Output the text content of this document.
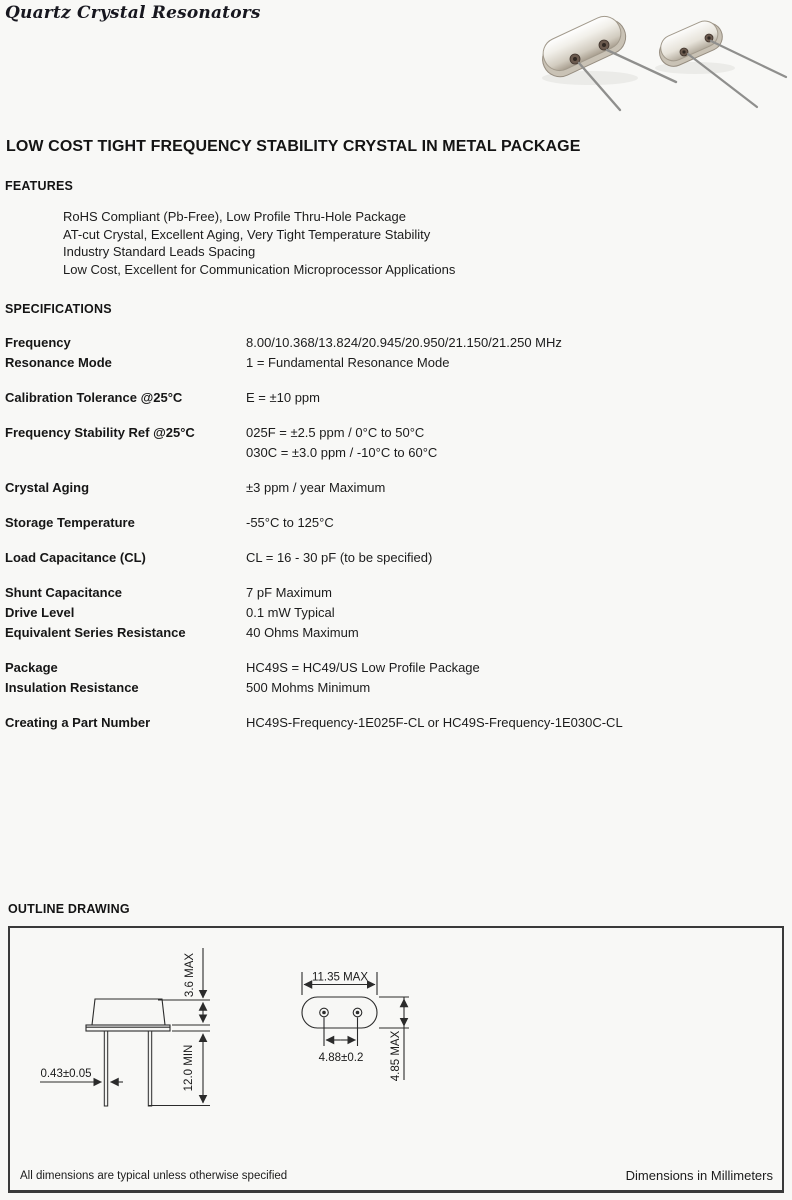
Quartz Crystal Resonators
LOW COST TIGHT FREQUENCY STABILITY CRYSTAL IN METAL PACKAGE
FEATURES
RoHS Compliant (Pb-Free), Low Profile Thru-Hole Package
AT-cut Crystal, Excellent Aging, Very Tight Temperature Stability
Industry Standard Leads Spacing
Low Cost, Excellent for Communication Microprocessor Applications
SPECIFICATIONS
Frequency	8.00/10.368/13.824/20.945/20.950/21.150/21.250 MHz
Resonance Mode	1 = Fundamental Resonance Mode
Calibration Tolerance @25°C	E = ±10 ppm
Frequency Stability Ref @25°C	025F = ±2.5 ppm / 0°C to 50°C
030C = ±3.0 ppm / -10°C to 60°C
Crystal Aging	±3 ppm / year Maximum
Storage Temperature	-55°C to 125°C
Load Capacitance (CL)	CL = 16 - 30 pF (to be specified)
Shunt Capacitance	7 pF Maximum
Drive Level	0.1 mW Typical
Equivalent Series Resistance	40 Ohms Maximum
Package	HC49S = HC49/US Low Profile Package
Insulation Resistance	500 Mohms Minimum
Creating a Part Number	HC49S-Frequency-1E025F-CL or HC49S-Frequency-1E030C-CL
OUTLINE DRAWING
3.6 MAX
12.0 MIN
0.43±0.05
11.35 MAX
4.88±0.2 4.85 MAX
All dimensions are typical unless otherwise specified	Dimensions in Millimeters
